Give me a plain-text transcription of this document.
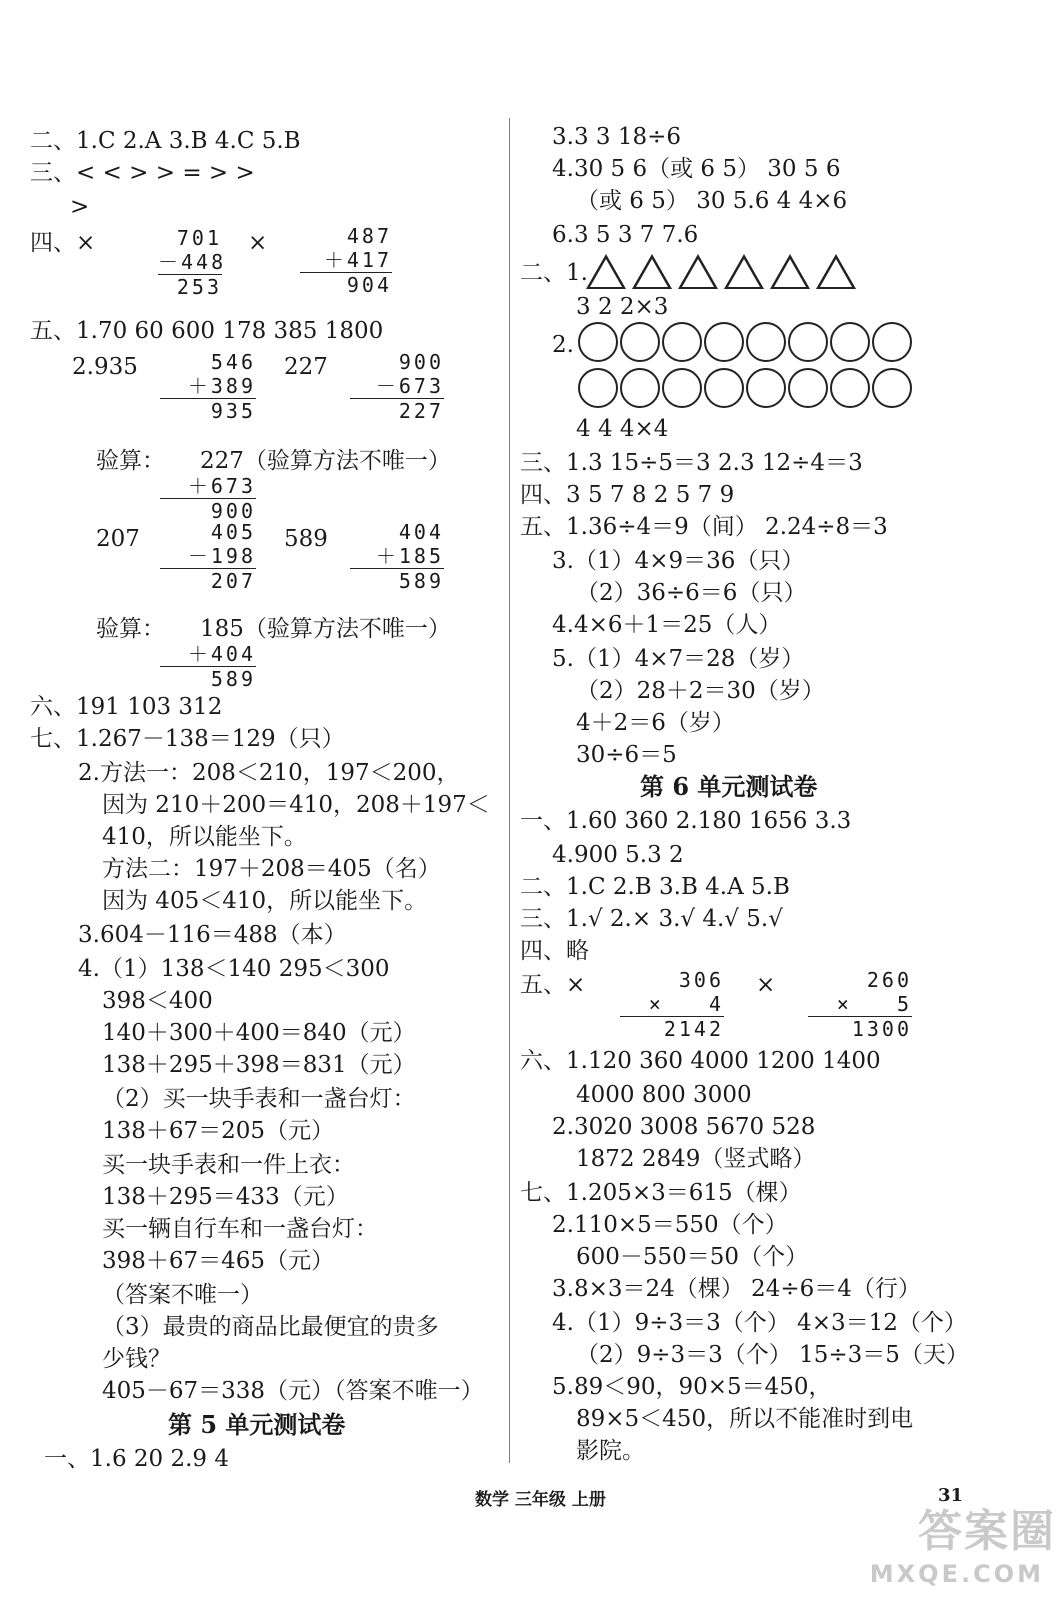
二、1.C 2.A 3.B 4.C 5.B
三、< < > > = > >
>
四、×	701
－448
253
×	487
＋417
904
五、1.70 60 600 178 385 1800
2.935	546
＋389
935
227	900
－673
227
验算： 227（验算方法不唯一）
＋673
900
207	405
－198
207
589	404
＋185
589
验算： 185（验算方法不唯一）
＋404
589
六、191 103 312
七、1.267－138＝129（只）
2.方法一：208＜210，197＜200，
因为 210＋200＝410，208＋197＜
410，所以能坐下。
方法二：197＋208＝405（名）
因为 405＜410，所以能坐下。
3.604－116＝488（本）
4.（1）138＜140 295＜300
398＜400
140＋300＋400＝840（元）
138＋295＋398＝831（元）
（2）买一块手表和一盏台灯：
138＋67＝205（元）
买一块手表和一件上衣：
138＋295＝433（元）
买一辆自行车和一盏台灯：
398＋67＝465（元）
（答案不唯一）
（3）最贵的商品比最便宜的贵多
少钱？
405－67＝338（元）（答案不唯一）
第 5 单元测试卷
一、1.6 20 2.9 4
3.3 3 18÷6
4.30 5 6（或 6 5） 30 5 6
（或 6 5） 30 5.6 4 4×6
6.3 5 3 7 7.6
二、1.
3 2 2×3
2.
4 4 4×4
三、1.3 15÷5＝3 2.3 12÷4＝3
四、3 5 7 8 2 5 7 9
五、1.36÷4＝9（间） 2.24÷8＝3
3.（1）4×9＝36（只）
（2）36÷6＝6（只）
4.4×6＋1＝25（人）
5.（1）4×7＝28（岁）
（2）28＋2＝30（岁）
4＋2＝6（岁）
30÷6＝5
第 6 单元测试卷
一、1.60 360 2.180 1656 3.3
4.900 5.3 2
二、1.C 2.B 3.B 4.A 5.B
三、1.√ 2.× 3.√ 4.√ 5.√
四、略
五、×	306
×   4
2142
×	260
×   5
1300
六、1.120 360 4000 1200 1400
4000 800 3000
2.3020 3008 5670 528
1872 2849（竖式略）
七、1.205×3＝615（棵）
2.110×5＝550（个）
600－550＝50（个）
3.8×3＝24（棵） 24÷6＝4（行）
4.（1）9÷3＝3（个） 4×3＝12（个）
（2）9÷3＝3（个） 15÷3＝5（天）
5.89＜90，90×5＝450，
89×5＜450，所以不能准时到电
影院。
数学 三年级 上册	31
答案圈
MXQE.COM
